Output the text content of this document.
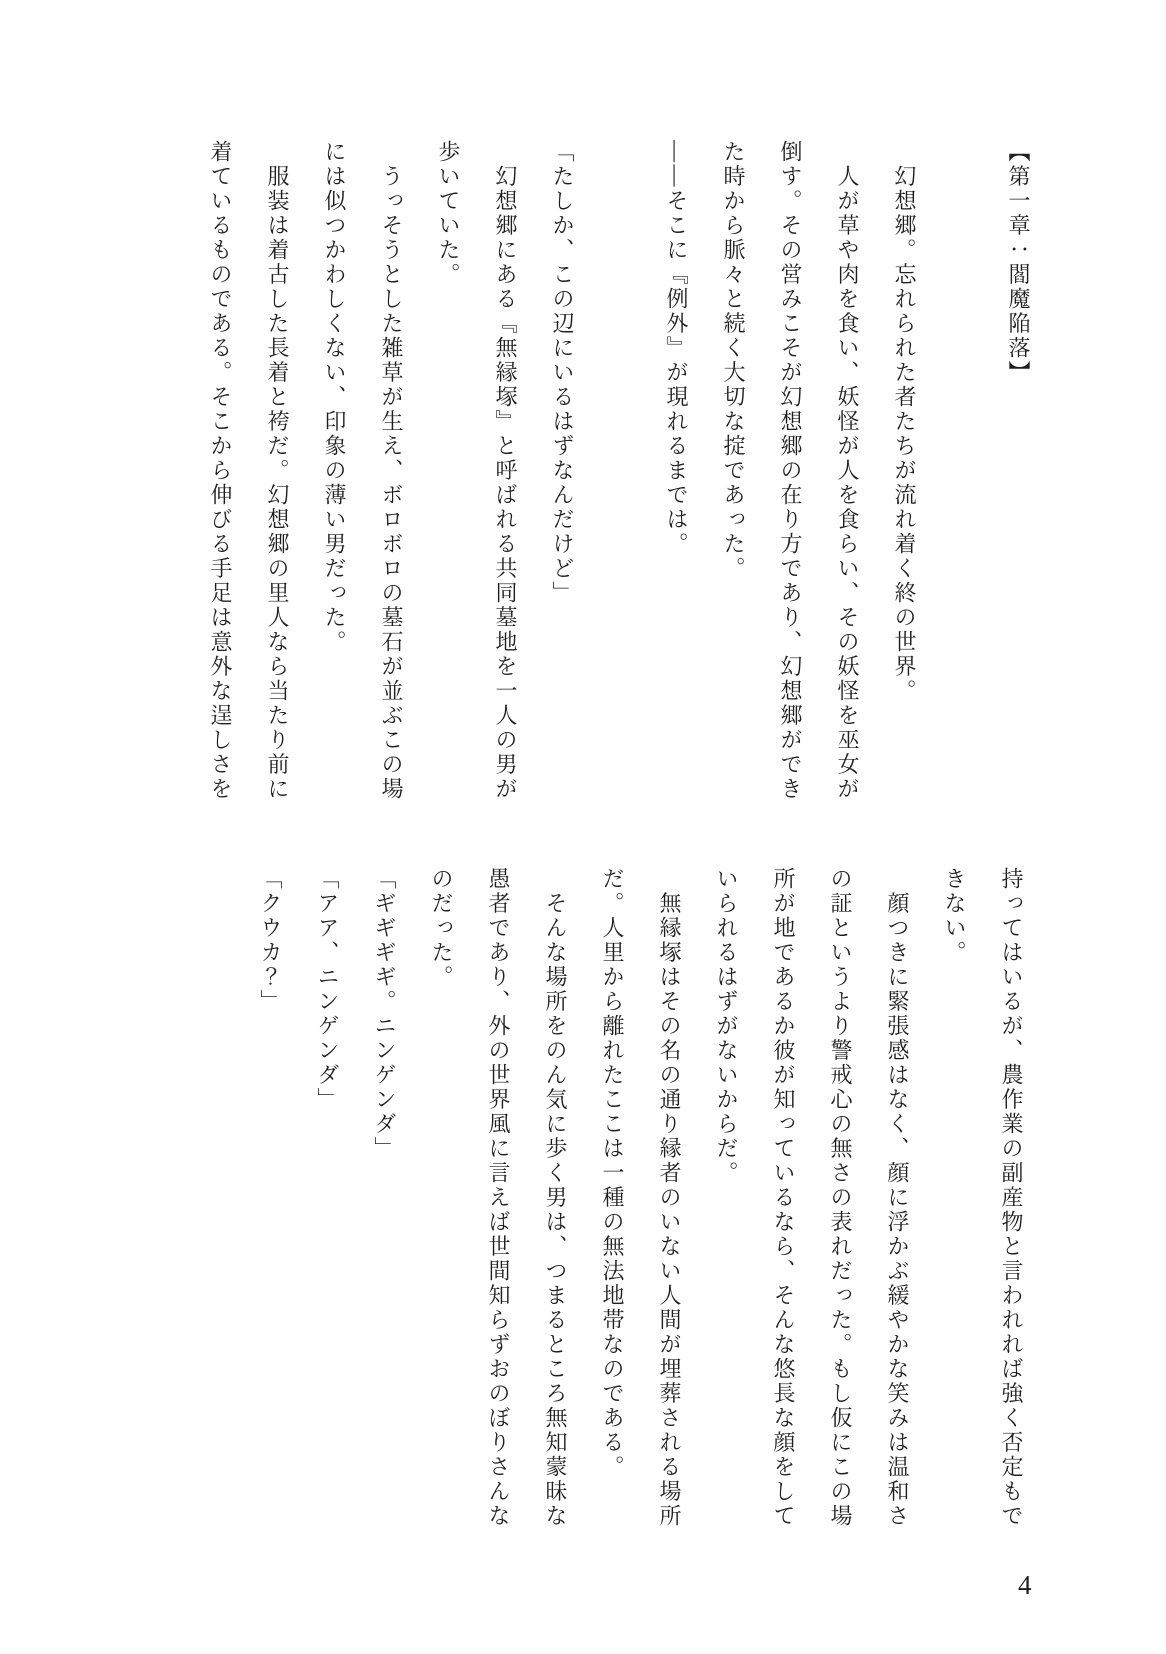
【第一章：閻魔陥落】

　幻想郷。忘れられた者たちが流れ着く終の世界。

　人が草や肉を食い、妖怪が人を食らい、その妖怪を巫女が

倒す。その営みこそが幻想郷の在り方であり、幻想郷ができ

た時から脈々と続く大切な掟であった。

――そこに『例外』が現れるまでは。

「たしか、この辺にいるはずなんだけど」

　幻想郷にある『無縁塚』と呼ばれる共同墓地を一人の男が

歩いていた。

　うっそうとした雑草が生え、ボロボロの墓石が並ぶこの場

には似つかわしくない、印象の薄い男だった。

　服装は着古した長着と袴だ。幻想郷の里人なら当たり前に

着ているものである。そこから伸びる手足は意外な逞しさを

持ってはいるが、農作業の副産物と言われれば強く否定もで

きない。

　顔つきに緊張感はなく、顔に浮かぶ緩やかな笑みは温和さ

の証というより警戒心の無さの表れだった。もし仮にこの場

所が地であるか彼が知っているなら、そんな悠長な顔をして

いられるはずがないからだ。

　無縁塚はその名の通り縁者のいない人間が埋葬される場所

だ。人里から離れたここは一種の無法地帯なのである。

　そんな場所をのん気に歩く男は、つまるところ無知蒙昧な

愚者であり、外の世界風に言えば世間知らずおのぼりさんな

のだった。

「ギギギギ。ニンゲンダ」

「アア、ニンゲンダ」

「クウカ？」

4
